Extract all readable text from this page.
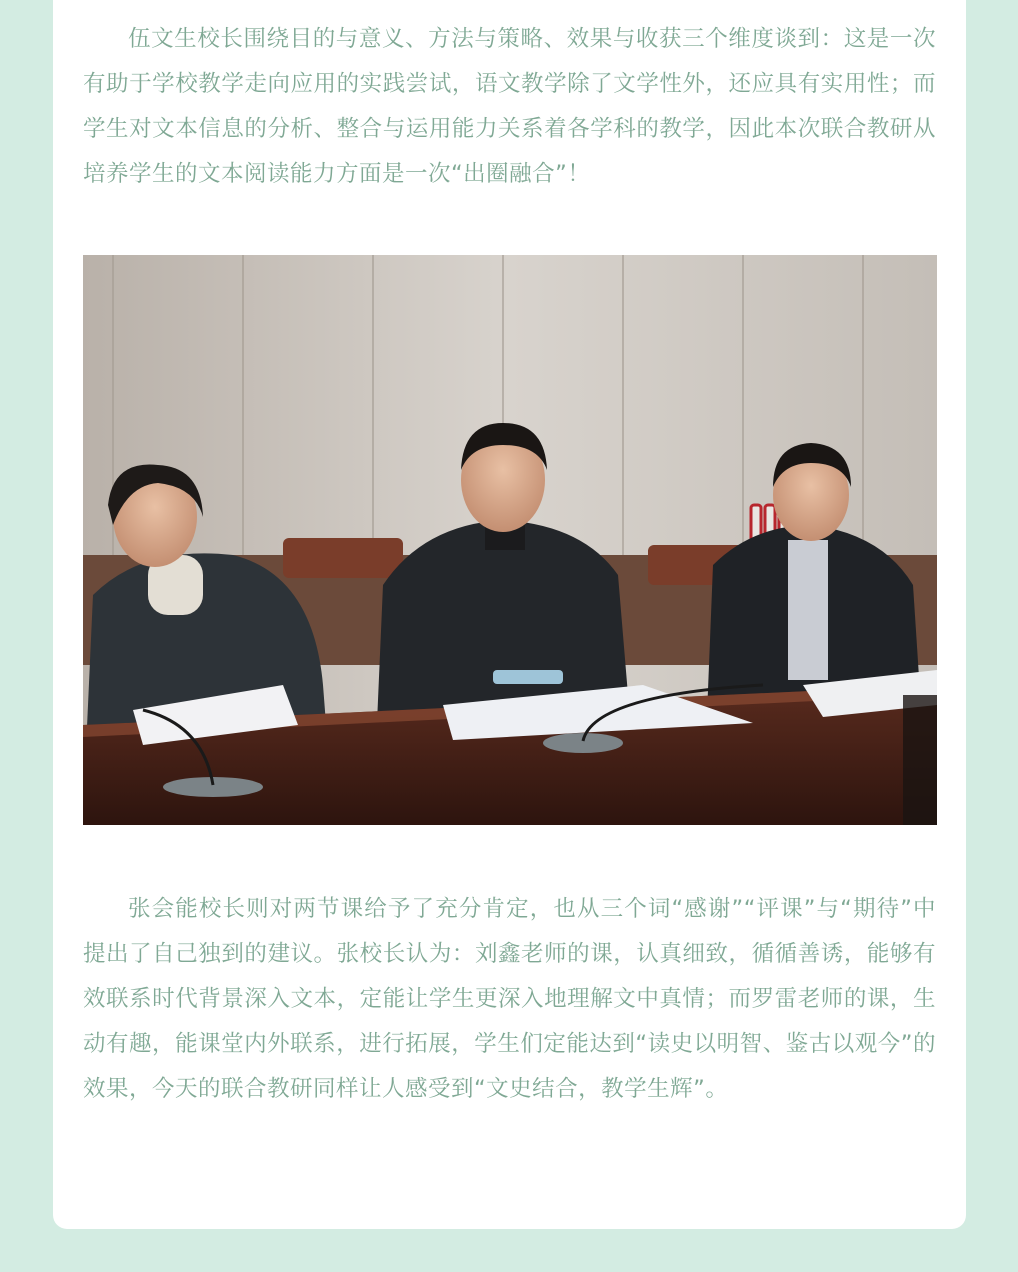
伍文生校长围绕目的与意义、方法与策略、效果与收获三个维度谈到：这是一次有助于学校教学走向应用的实践尝试，语文教学除了文学性外，还应具有实用性；而学生对文本信息的分析、整合与运用能力关系着各学科的教学，因此本次联合教研从培养学生的文本阅读能力方面是一次“出圈融合”！

张会能校长则对两节课给予了充分肯定，也从三个词“感谢”“评课”与“期待”中提出了自己独到的建议。张校长认为：刘鑫老师的课，认真细致，循循善诱，能够有效联系时代背景深入文本，定能让学生更深入地理解文中真情；而罗雷老师的课，生动有趣，能课堂内外联系，进行拓展，学生们定能达到“读史以明智、鉴古以观今”的效果，今天的联合教研同样让人感受到“文史结合，教学生辉”。
